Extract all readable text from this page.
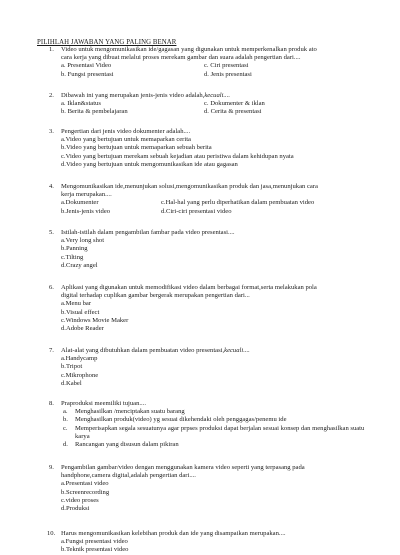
PILIHLAH JAWABAN YANG PALING BENAR
1. Video untuk mengomunikasikan ide/gagasan yang digunakan untuk memperkenalkan produk ato
cara kerja yang dibuat melalui proses merekam gambar dan suara adalah pengertian dari....
a. Presentasi Video	c. Ciri presentasi
b. Fungsi presentasi	d. Jenis presentasi
2. Dibawah ini yang merupakan jenis-jenis video adalah,kecuali....
a. Iklan&status	c. Dokumenter & iklan
b. Berita & pembelajaran	d. Cerita & presentasi
3. Pengertian dari jenis video dokumenter adalah....
a.Video yang bertujuan untuk memaparkan cerita
b.Video yang bertujuan untuk memaparkan sebuah berita
c.Video yang bertujuan merekam sebuah kejadian atau peristiwa dalam kehidupan nyata
d.Video yang bertujuan untuk mengomunikasikan ide atau gagasan
4. Mengomunikasikan ide,menunjukan solusi,mengomunikasikan produk dan jasa,menunjukan cara
kerja merupakan....
a.Dokumenter	c.Hal-hal yang perlu diperhatikan dalam pembuatan video
b.Jenis-jenis video	d.Ciri-ciri presentasi video
5. Istilah-istilah dalam pengambilan fambar pada video presentasi....
a.Very long shot
b.Panning
c.Tilting
d.Crazy angel
6. Aplikasi yang digunakan untuk memodifikasi video dalam berbagai format,serta melakukan pola
digital terhadap cuplikan gambar bergerak merupakan pengertian dari...
a.Menu bar
b.Visual effect
c.Windows Movie Maker
d.Adobe Reader
7. Alat-alat yang dibutuhkan dalam pembuatan video presentasi,kecuali....
a.Handycamp
b.Tripot
c.Mikrophone
d.Kabel
8. Praproduksi meemiliki tujuan....
a. Menghasilkan /menciptakan suatu barang
b. Menghasilkan produk(video) yg sesuai dikehendaki oleh penggagas/penemu ide
c. Memperisapkan segala sesuatunya agar prpses produksi dapat berjalan sesuai konsep dan menghasilkan suatu karya
d. Rancangan yang disusun dalam pikiran
9. Pengambilan gambar/video dengan menggunakan kamera video seperti yang terpasang pada
handphone,camera digital,adalah pengertian dari....
a.Presentasi video
b.Screenrecording
c.video proses
d.Produksi
10. Harus mengomunikasikan kelebihan produk dan ide yang disampaikan merupakan....
a.Fungsi presentasi video
b.Teknik presentasi video
